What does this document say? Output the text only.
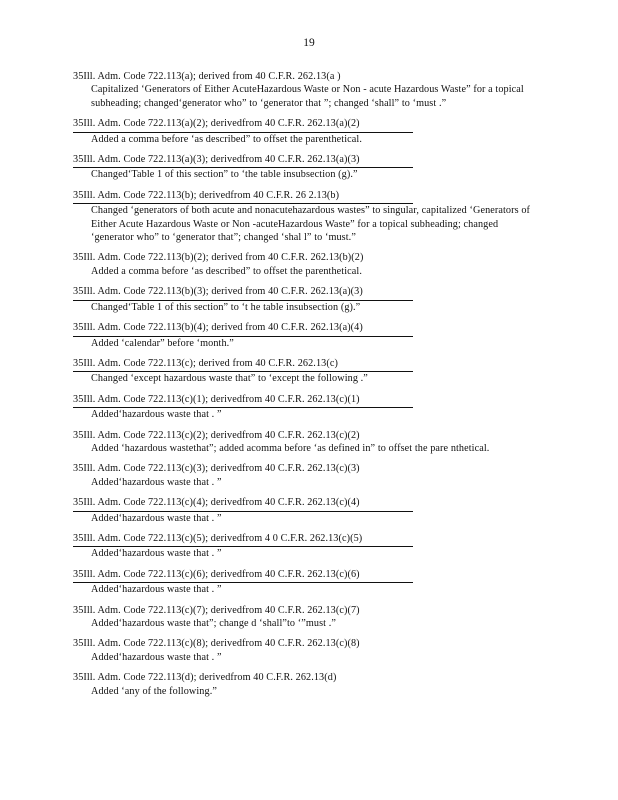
19
35Ill. Adm. Code 722.113(a); derived from 40 C.F.R. 262.13(a )
Capitalized ‘Generators of Either AcuteHazardous Waste or Non - acute Hazardous Waste” for a topical subheading; changed‘generator who” to ‘generator that ”; changed ‘shall” to ‘must .”
35Ill. Adm. Code 722.113(a)(2); derivedfrom 40 C.F.R. 262.13(a)(2)
Added a comma before ‘as described” to offset the parenthetical.
35Ill. Adm. Code 722.113(a)(3); derivedfrom 40 C.F.R. 262.13(a)(3)
Changed‘Table 1 of this section” to ‘the table insubsection (g).”
35Ill. Adm. Code 722.113(b); derivedfrom 40 C.F.R. 26 2.13(b)
Changed ‘generators of both acute and nonacutehazardous wastes” to singular, capitalized ‘Generators of Either Acute Hazardous Waste or Non -acuteHazardous Waste” for a topical subheading; changed ‘generator who” to ‘generator that”; changed ‘shal l” to ‘must.”
35Ill. Adm. Code 722.113(b)(2); derived from 40 C.F.R. 262.13(b)(2)
Added a comma before ‘as described” to offset the parenthetical.
35Ill. Adm. Code 722.113(b)(3); derived from 40 C.F.R. 262.13(a)(3)
Changed‘Table 1 of this section” to ‘t he table insubsection (g).”
35Ill. Adm. Code 722.113(b)(4); derived from 40 C.F.R. 262.13(a)(4)
Added ‘calendar” before ‘month.”
35Ill. Adm. Code 722.113(c); derived from 40 C.F.R. 262.13(c)
Changed ‘except hazardous waste that” to ‘except the following .”
35Ill. Adm. Code 722.113(c)(1); derivedfrom 40 C.F.R. 262.13(c)(1)
Added‘hazardous waste that . ”
35Ill. Adm. Code 722.113(c)(2); derivedfrom 40 C.F.R. 262.13(c)(2)
Added ‘hazardous wastethat”; added acomma before ‘as defined in” to offset the pare nthetical.
35Ill. Adm. Code 722.113(c)(3); derivedfrom 40 C.F.R. 262.13(c)(3)
Added‘hazardous waste that . ”
35Ill. Adm. Code 722.113(c)(4); derivedfrom 40 C.F.R. 262.13(c)(4)
Added‘hazardous waste that . ”
35Ill. Adm. Code 722.113(c)(5); derivedfrom 4 0 C.F.R. 262.13(c)(5)
Added‘hazardous waste that . ”
35Ill. Adm. Code 722.113(c)(6); derivedfrom 40 C.F.R. 262.13(c)(6)
Added‘hazardous waste that . ”
35Ill. Adm. Code 722.113(c)(7); derivedfrom 40 C.F.R. 262.13(c)(7)
Added‘hazardous waste that”; change d ‘shall”to ‘”must .”
35Ill. Adm. Code 722.113(c)(8); derivedfrom 40 C.F.R. 262.13(c)(8)
Added‘hazardous waste that . ”
35Ill. Adm. Code 722.113(d); derivedfrom 40 C.F.R. 262.13(d)
Added ‘any of the following.”
